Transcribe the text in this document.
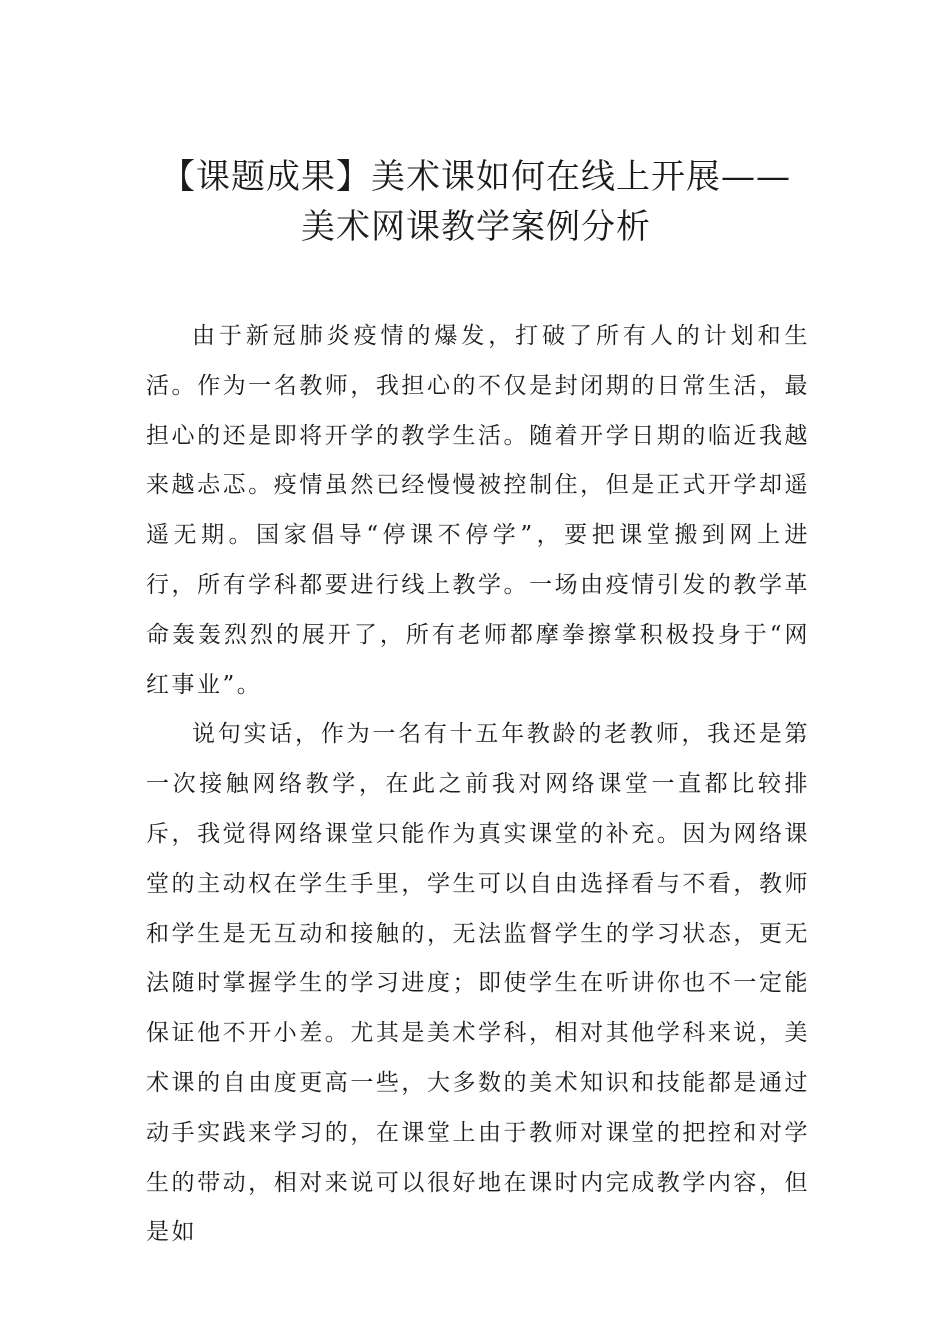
【课题成果】美术课如何在线上开展——美术网课教学案例分析

由于新冠肺炎疫情的爆发，打破了所有人的计划和生活。作为一名教师，我担心的不仅是封闭期的日常生活，最担心的还是即将开学的教学生活。随着开学日期的临近我越来越忐忑。疫情虽然已经慢慢被控制住，但是正式开学却遥遥无期。国家倡导“停课不停学”，要把课堂搬到网上进行，所有学科都要进行线上教学。一场由疫情引发的教学革命轰轰烈烈的展开了，所有老师都摩拳擦掌积极投身于“网红事业”。

说句实话，作为一名有十五年教龄的老教师，我还是第一次接触网络教学，在此之前我对网络课堂一直都比较排斥，我觉得网络课堂只能作为真实课堂的补充。因为网络课堂的主动权在学生手里，学生可以自由选择看与不看，教师和学生是无互动和接触的，无法监督学生的学习状态，更无法随时掌握学生的学习进度；即使学生在听讲你也不一定能保证他不开小差。尤其是美术学科，相对其他学科来说，美术课的自由度更高一些，大多数的美术知识和技能都是通过动手实践来学习的，在课堂上由于教师对课堂的把控和对学生的带动，相对来说可以很好地在课时内完成教学内容，但是如
